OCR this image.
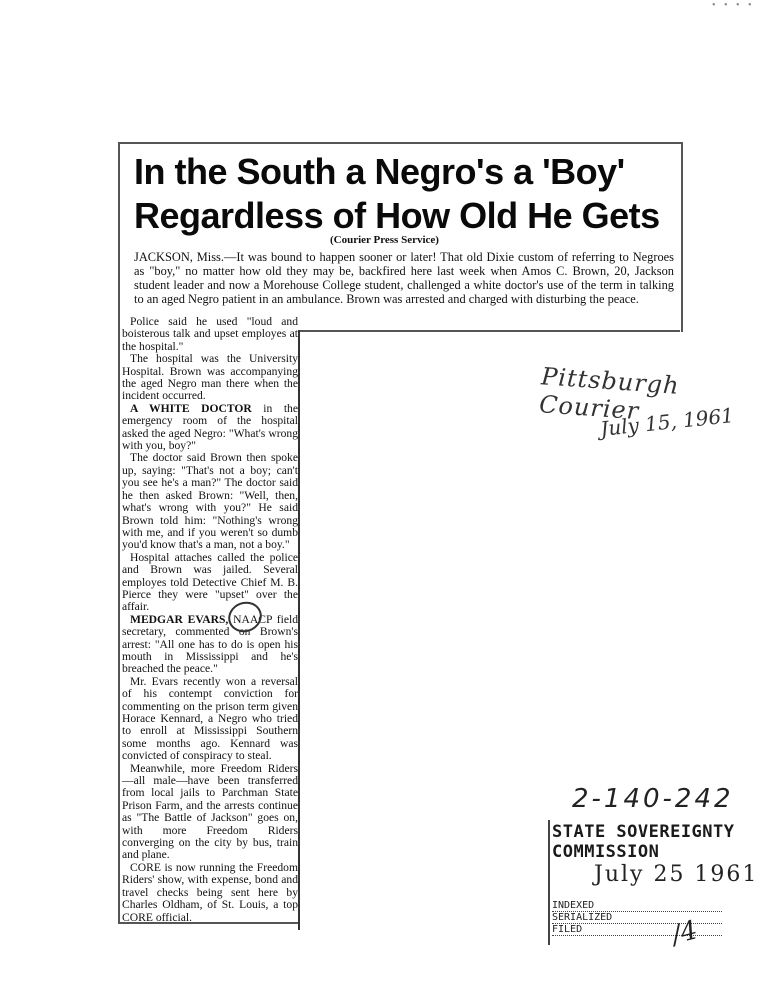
• • • •
In the South a Negro's a 'Boy' Regardless of How Old He Gets
(Courier Press Service)
JACKSON, Miss.—It was bound to happen sooner or later! That old Dixie custom of referring to Negroes as "boy," no matter how old they may be, backfired here last week when Amos C. Brown, 20, Jackson student leader and now a Morehouse College student, challenged a white doctor's use of the term in talking to an aged Negro patient in an ambulance. Brown was arrested and charged with disturbing the peace.

Police said he used "loud and boisterous talk and upset employes at the hospital."

The hospital was the University Hospital. Brown was accompanying the aged Negro man there when the incident occurred.

A WHITE DOCTOR in the emergency room of the hospital asked the aged Negro: "What's wrong with you, boy?"

The doctor said Brown then spoke up, saying: "That's not a boy; can't you see he's a man?" The doctor said he then asked Brown: "Well, then, what's wrong with you?" He said Brown told him: "Nothing's wrong with me, and if you weren't so dumb you'd know that's a man, not a boy."

Hospital attaches called the police and Brown was jailed. Several employes told Detective Chief M. B. Pierce they were "upset" over the affair.

MEDGAR EVARS, NAACP field secretary, commented on Brown's arrest: "All one has to do is open his mouth in Mississippi and he's breached the peace."

Mr. Evars recently won a reversal of his contempt conviction for commenting on the prison term given Horace Kennard, a Negro who tried to enroll at Mississippi Southern some months ago. Kennard was convicted of conspiracy to steal.

Meanwhile, more Freedom Riders—all male—have been transferred from local jails to Parchman State Prison Farm, and the arrests continue as "The Battle of Jackson" goes on, with more Freedom Riders converging on the city by bus, train and plane.

CORE is now running the Freedom Riders' show, with expense, bond and travel checks being sent here by Charles Oldham, of St. Louis, a top CORE official.

Pittsburgh Courier
July 15, 1961
2-140-242
STATE SOVEREIGNTY COMMISSION
July 25 1961
INDEXED
SERIALIZED
FILED	∕4
